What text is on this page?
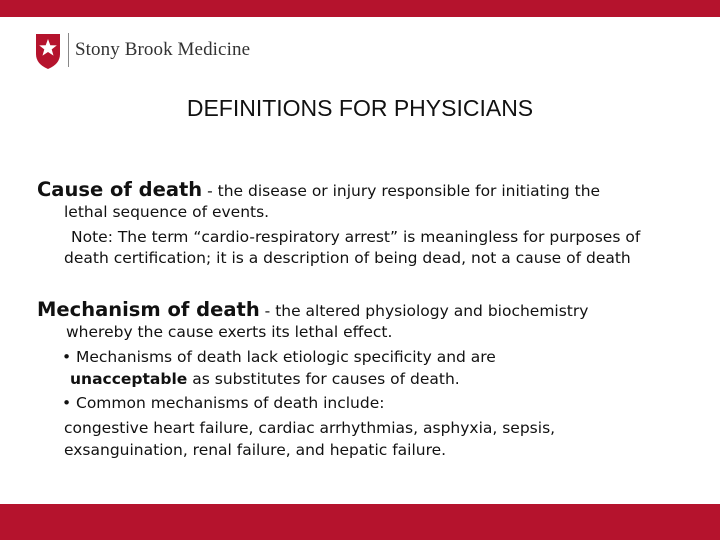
Stony Brook Medicine
DEFINITIONS FOR PHYSICIANS
Cause of death - the disease or injury responsible for initiating the
lethal sequence of events.
Note: The term “cardio-respiratory arrest” is meaningless for purposes of
death certification; it is a description of being dead, not a cause of death
Mechanism of death - the altered physiology and biochemistry
whereby the cause exerts its lethal effect.
• Mechanisms of death lack etiologic specificity and are
unacceptable as substitutes for causes of death.
• Common mechanisms of death include:
congestive heart failure, cardiac arrhythmias, asphyxia, sepsis,
exsanguination, renal failure, and hepatic failure.
